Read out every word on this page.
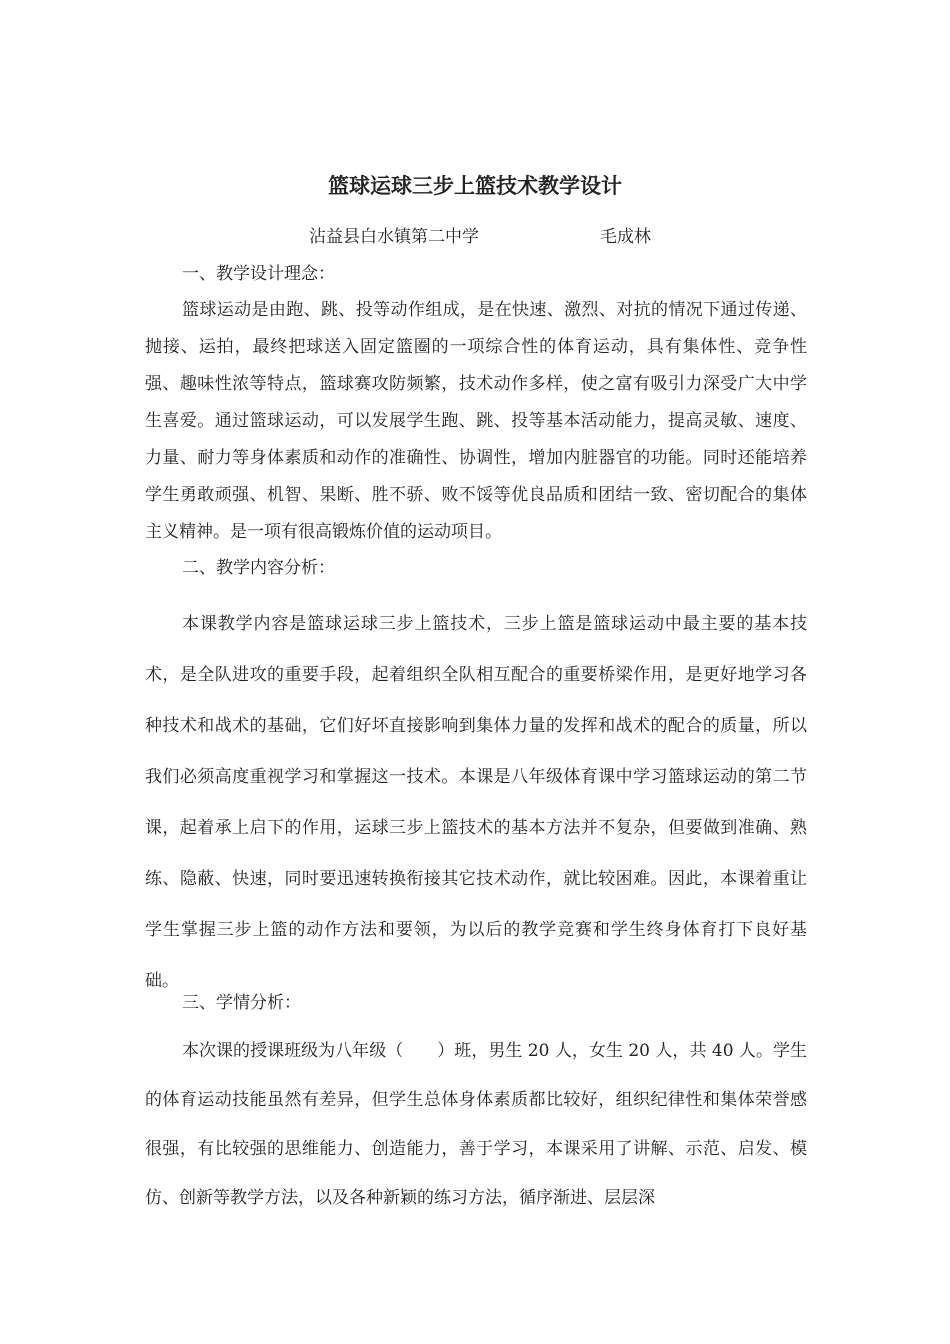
篮球运球三步上篮技术教学设计
沾益县白水镇第二中学	毛成林
一、教学设计理念：
篮球运动是由跑、跳、投等动作组成，是在快速、激烈、对抗的情况下通过传递、抛接、运拍，最终把球送入固定篮圈的一项综合性的体育运动，具有集体性、竞争性强、趣味性浓等特点，篮球赛攻防频繁，技术动作多样，使之富有吸引力深受广大中学生喜爱。通过篮球运动，可以发展学生跑、跳、投等基本活动能力，提高灵敏、速度、力量、耐力等身体素质和动作的准确性、协调性，增加内脏器官的功能。同时还能培养学生勇敢顽强、机智、果断、胜不骄、败不馁等优良品质和团结一致、密切配合的集体主义精神。是一项有很高锻炼价值的运动项目。
二、教学内容分析：
本课教学内容是篮球运球三步上篮技术，三步上篮是篮球运动中最主要的基本技术，是全队进攻的重要手段，起着组织全队相互配合的重要桥梁作用，是更好地学习各种技术和战术的基础，它们好坏直接影响到集体力量的发挥和战术的配合的质量，所以我们必须高度重视学习和掌握这一技术。本课是八年级体育课中学习篮球运动的第二节课，起着承上启下的作用，运球三步上篮技术的基本方法并不复杂，但要做到准确、熟练、隐蔽、快速，同时要迅速转换衔接其它技术动作，就比较困难。因此，本课着重让学生掌握三步上篮的动作方法和要领，为以后的教学竞赛和学生终身体育打下良好基础。
三、学情分析：
本次课的授课班级为八年级（　　）班，男生 20 人，女生 20 人，共 40 人。学生的体育运动技能虽然有差异，但学生总体身体素质都比较好，组织纪律性和集体荣誉感很强，有比较强的思维能力、创造能力，善于学习，本课采用了讲解、示范、启发、模仿、创新等教学方法，以及各种新颖的练习方法，循序渐进、层层深
